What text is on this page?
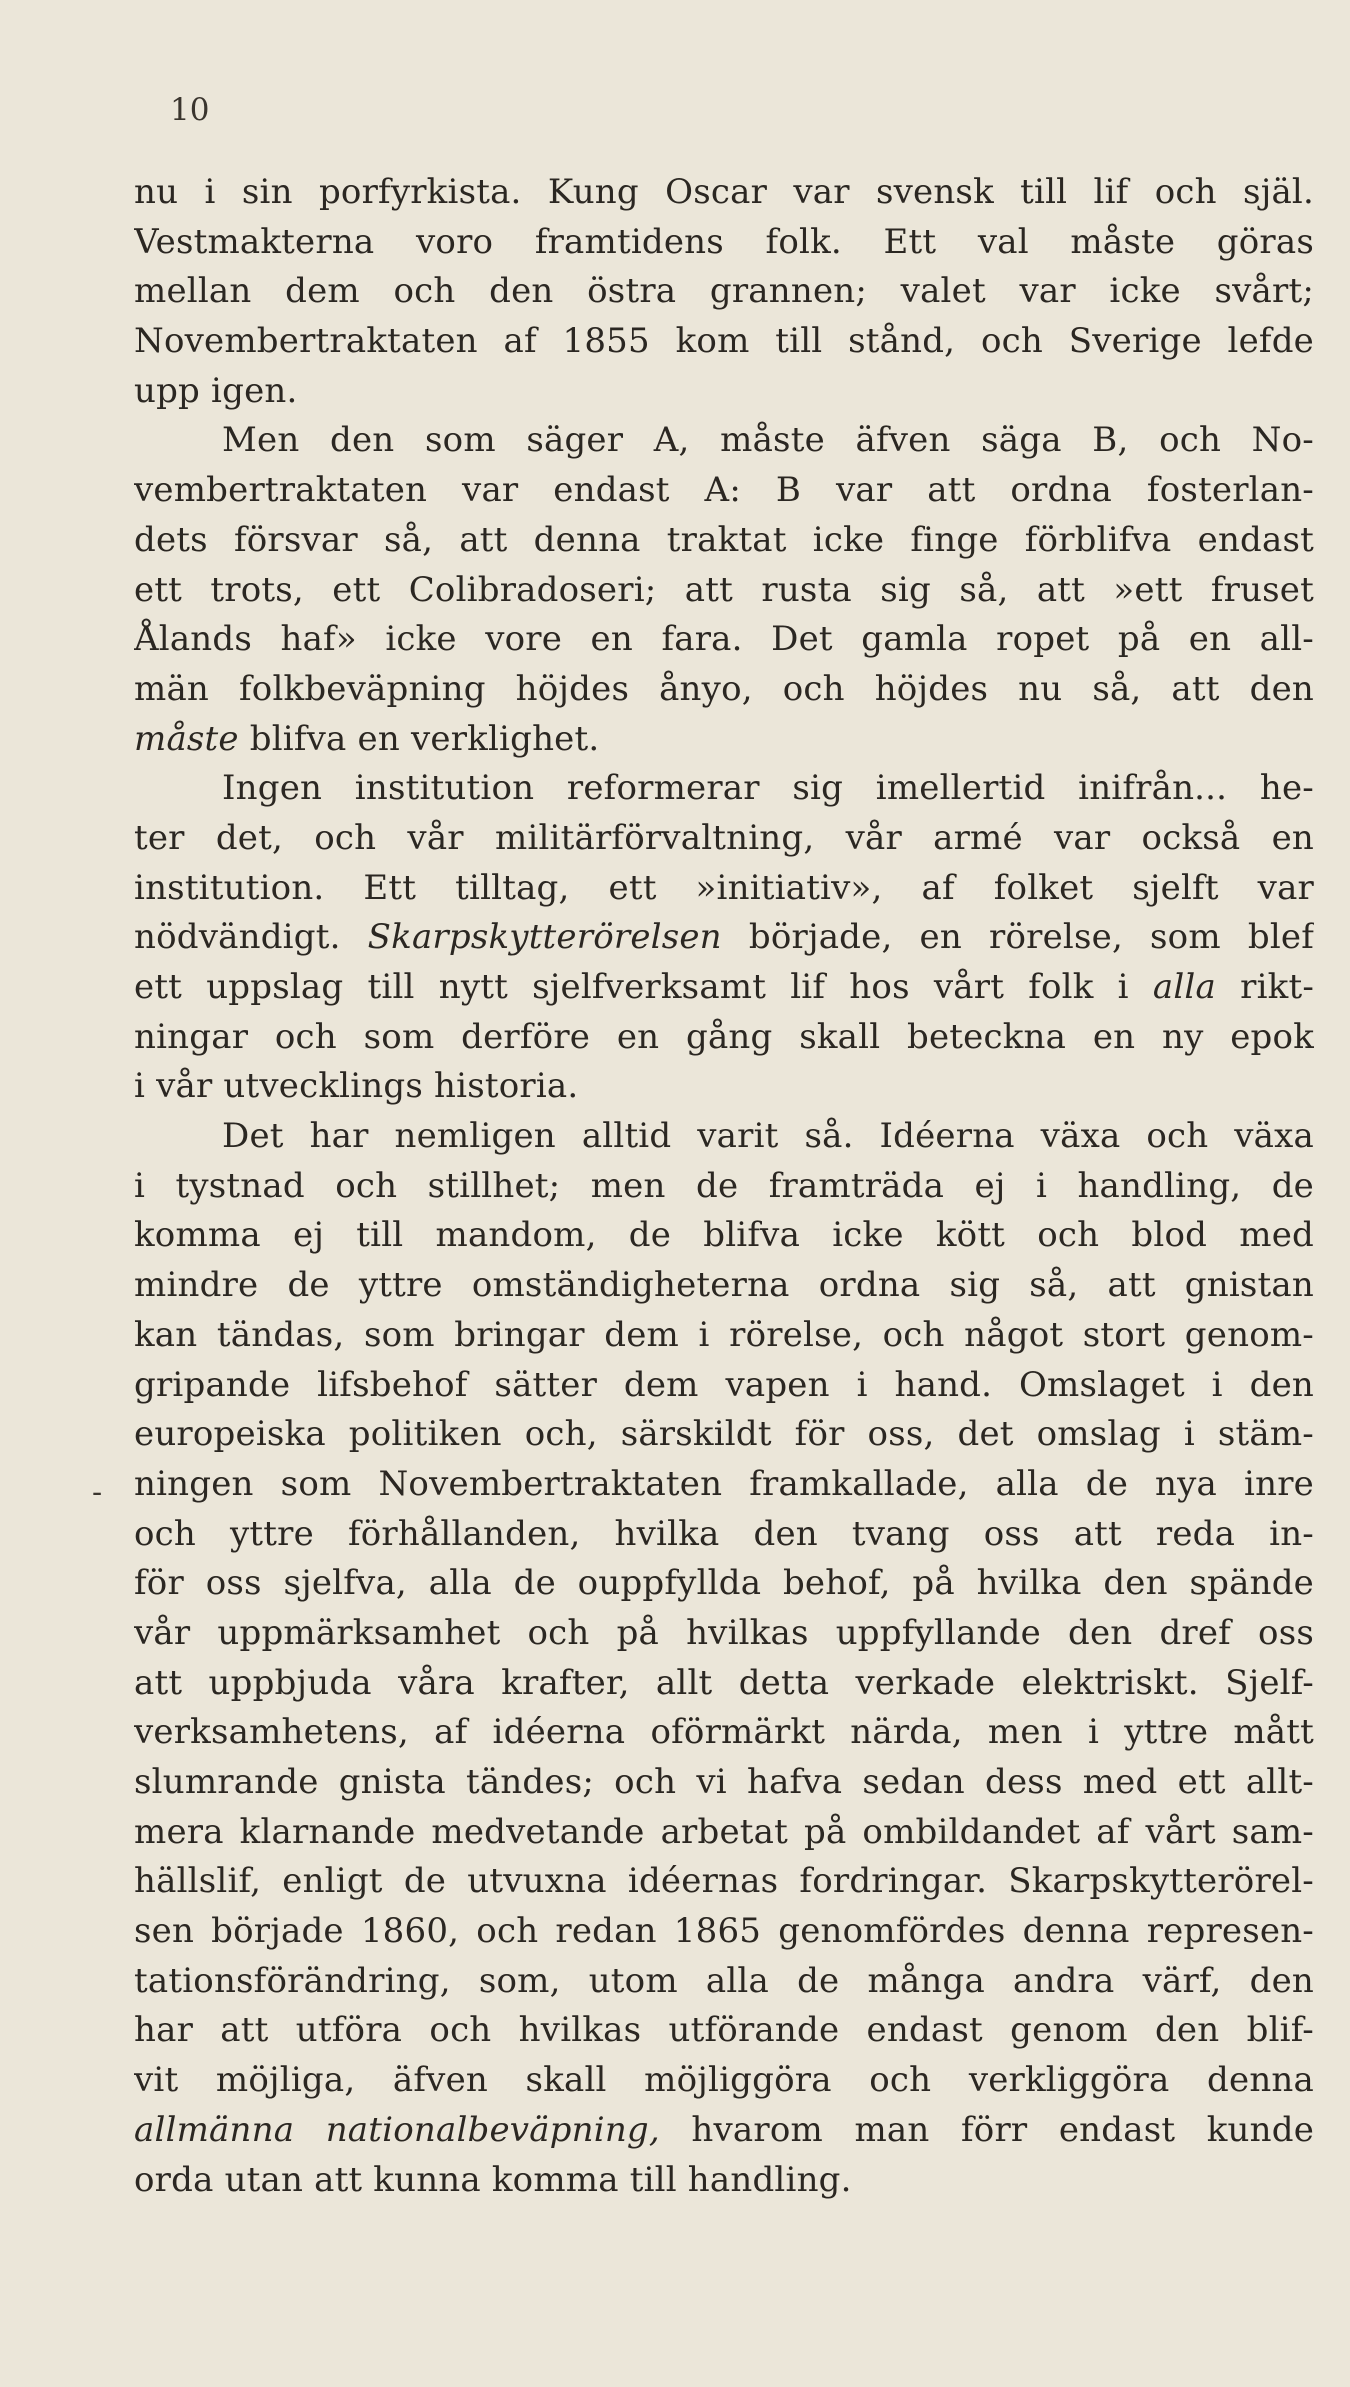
10
-
nu i sin porfyrkista. Kung Oscar var svensk till lif och själ.
Vestmakterna voro framtidens folk. Ett val måste göras
mellan dem och den östra grannen; valet var icke svårt;
Novembertraktaten af 1855 kom till stånd, och Sverige lefde
upp igen.
Men den som säger A, måste äfven säga B, och No-
vembertraktaten var endast A: B var att ordna fosterlan-
dets försvar så, att denna traktat icke finge förblifva endast
ett trots, ett Colibradoseri; att rusta sig så, att »ett fruset
Ålands haf» icke vore en fara. Det gamla ropet på en all-
män folkbeväpning höjdes ånyo, och höjdes nu så, att den
måste blifva en verklighet.
Ingen institution reformerar sig imellertid inifrån... he-
ter det, och vår militärförvaltning, vår armé var också en
institution. Ett tilltag, ett »initiativ», af folket sjelft var
nödvändigt. Skarpskytterörelsen började, en rörelse, som blef
ett uppslag till nytt sjelfverksamt lif hos vårt folk i alla rikt-
ningar och som derföre en gång skall beteckna en ny epok
i vår utvecklings historia.
Det har nemligen alltid varit så. Idéerna växa och växa
i tystnad och stillhet; men de framträda ej i handling, de
komma ej till mandom, de blifva icke kött och blod med
mindre de yttre omständigheterna ordna sig så, att gnistan
kan tändas, som bringar dem i rörelse, och något stort genom-
gripande lifsbehof sätter dem vapen i hand. Omslaget i den
europeiska politiken och, särskildt för oss, det omslag i stäm-
ningen som Novembertraktaten framkallade, alla de nya inre
och yttre förhållanden, hvilka den tvang oss att reda in-
för oss sjelfva, alla de ouppfyllda behof, på hvilka den spände
vår uppmärksamhet och på hvilkas uppfyllande den dref oss
att uppbjuda våra krafter, allt detta verkade elektriskt. Sjelf-
verksamhetens, af idéerna oförmärkt närda, men i yttre mått
slumrande gnista tändes; och vi hafva sedan dess med ett allt-
mera klarnande medvetande arbetat på ombildandet af vårt sam-
hällslif, enligt de utvuxna idéernas fordringar. Skarpskytterörel-
sen började 1860, och redan 1865 genomfördes denna represen-
tationsförändring, som, utom alla de många andra värf, den
har att utföra och hvilkas utförande endast genom den blif-
vit möjliga, äfven skall möjliggöra och verkliggöra denna
allmänna nationalbeväpning, hvarom man förr endast kunde
orda utan att kunna komma till handling.
